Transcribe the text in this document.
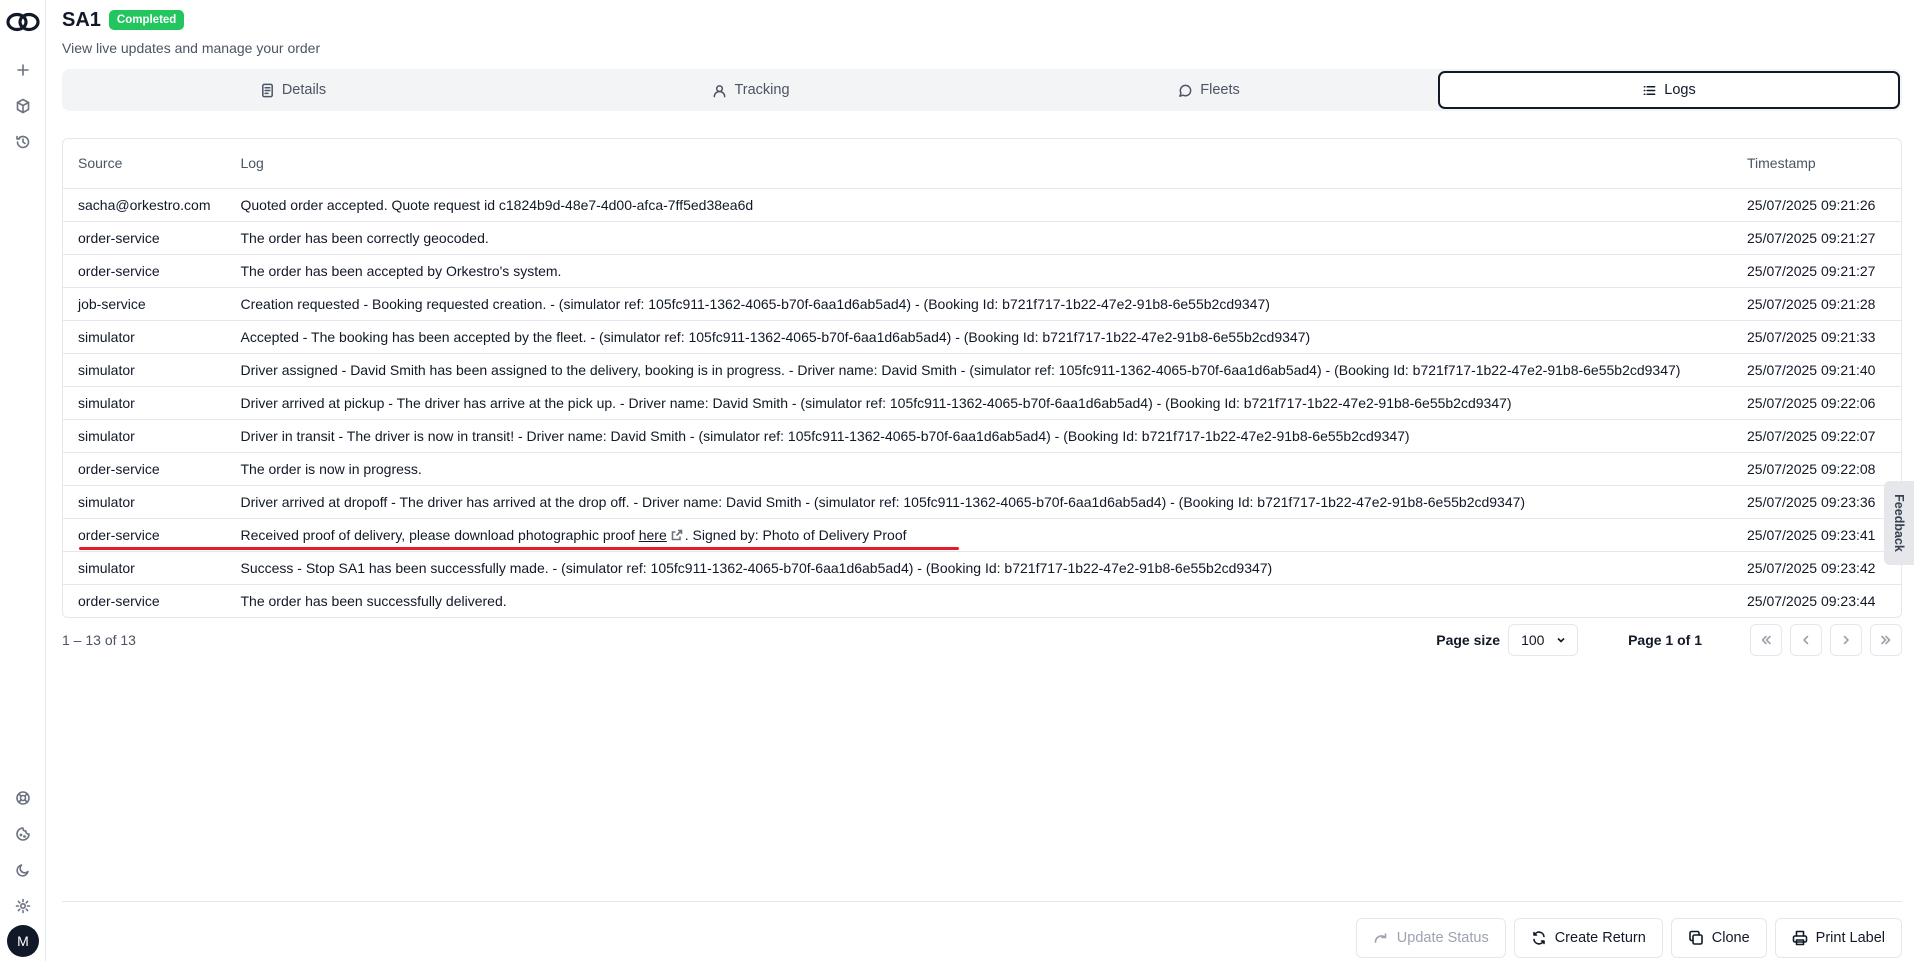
M
SA1	Completed
View live updates and manage your order
Details	Tracking	Fleets	Logs
Source	Log	Timestamp
sacha@orkestro.com	Quoted order accepted. Quote request id c1824b9d-48e7-4d00-afca-7ff5ed38ea6d	25/07/2025 09:21:26
order-service	The order has been correctly geocoded.	25/07/2025 09:21:27
order-service	The order has been accepted by Orkestro's system.	25/07/2025 09:21:27
job-service	Creation requested - Booking requested creation. - (simulator ref: 105fc911-1362-4065-b70f-6aa1d6ab5ad4) - (Booking Id: b721f717-1b22-47e2-91b8-6e55b2cd9347)	25/07/2025 09:21:28
simulator	Accepted - The booking has been accepted by the fleet. - (simulator ref: 105fc911-1362-4065-b70f-6aa1d6ab5ad4) - (Booking Id: b721f717-1b22-47e2-91b8-6e55b2cd9347)	25/07/2025 09:21:33
simulator	Driver assigned - David Smith has been assigned to the delivery, booking is in progress. - Driver name: David Smith - (simulator ref: 105fc911-1362-4065-b70f-6aa1d6ab5ad4) - (Booking Id: b721f717-1b22-47e2-91b8-6e55b2cd9347)	25/07/2025 09:21:40
simulator	Driver arrived at pickup - The driver has arrive at the pick up. - Driver name: David Smith - (simulator ref: 105fc911-1362-4065-b70f-6aa1d6ab5ad4) - (Booking Id: b721f717-1b22-47e2-91b8-6e55b2cd9347)	25/07/2025 09:22:06
simulator	Driver in transit - The driver is now in transit! - Driver name: David Smith - (simulator ref: 105fc911-1362-4065-b70f-6aa1d6ab5ad4) - (Booking Id: b721f717-1b22-47e2-91b8-6e55b2cd9347)	25/07/2025 09:22:07
order-service	The order is now in progress.	25/07/2025 09:22:08
simulator	Driver arrived at dropoff - The driver has arrived at the drop off. - Driver name: David Smith - (simulator ref: 105fc911-1362-4065-b70f-6aa1d6ab5ad4) - (Booking Id: b721f717-1b22-47e2-91b8-6e55b2cd9347)	25/07/2025 09:23:36
order-service	Received proof of delivery, please download photographic proof here . Signed by: Photo of Delivery Proof	25/07/2025 09:23:41
simulator	Success - Stop SA1 has been successfully made. - (simulator ref: 105fc911-1362-4065-b70f-6aa1d6ab5ad4) - (Booking Id: b721f717-1b22-47e2-91b8-6e55b2cd9347)	25/07/2025 09:23:42
order-service	The order has been successfully delivered.	25/07/2025 09:23:44
1 – 13 of 13	Page size 100	Page 1 of 1
Update Status	Create Return	Clone	Print Label
Feedback
